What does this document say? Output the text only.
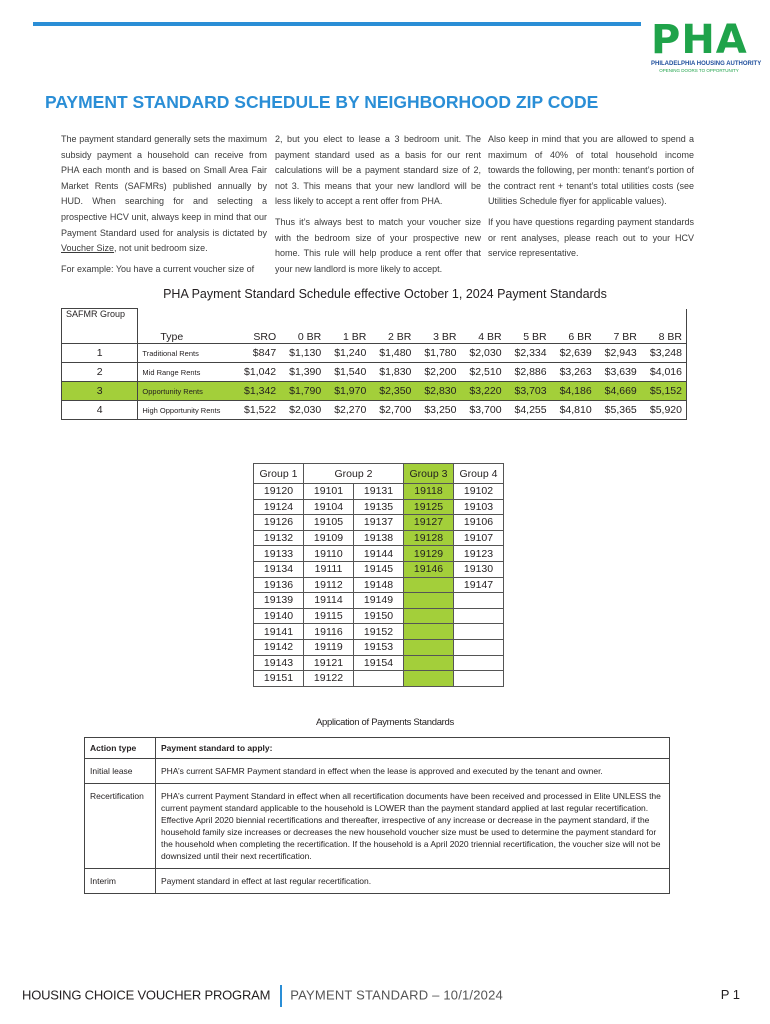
PHA
PHILADELPHIA HOUSING AUTHORITY
OPENING DOORS TO OPPORTUNITY
PAYMENT STANDARD SCHEDULE BY NEIGHBORHOOD ZIP CODE

The payment standard generally sets the maximum subsidy payment a household can receive from PHA each month and is based on Small Area Fair Market Rents (SAFMRs) published annually by HUD. When searching for and selecting a prospective HCV unit, always keep in mind that our Payment Standard used for analysis is dictated by Voucher Size, not unit bedroom size.

For example: You have a current voucher size of

2, but you elect to lease a 3 bedroom unit. The payment standard used as a basis for our rent calculations will be a payment standard size of 2, not 3. This means that your new landlord will be less likely to accept a rent offer from PHA.

Thus it’s always best to match your voucher size with the bedroom size of your prospective new home. This rule will help produce a rent offer that your new landlord is more likely to accept.

Also keep in mind that you are allowed to spend a maximum of 40% of total household income towards the following, per month: tenant’s portion of the contract rent + tenant’s total utilities costs (see Utilities Schedule flyer for applicable values).

If you have questions regarding payment standards or rent analyses, please reach out to your HCV service representative.

PHA Payment Standard Schedule effective October 1, 2024 Payment Standards
SAFMR Group	Type	SRO	0 BR	1 BR	2 BR	3 BR	4 BR	5 BR	6 BR	7 BR	8 BR
1	Traditional Rents	$847	$1,130	$1,240	$1,480	$1,780	$2,030	$2,334	$2,639	$2,943	$3,248
2	Mid Range Rents	$1,042	$1,390	$1,540	$1,830	$2,200	$2,510	$2,886	$3,263	$3,639	$4,016
3	Opportunity Rents	$1,342	$1,790	$1,970	$2,350	$2,830	$3,220	$3,703	$4,186	$4,669	$5,152
4	High Opportunity Rents	$1,522	$2,030	$2,270	$2,700	$3,250	$3,700	$4,255	$4,810	$5,365	$5,920
Group 1	Group 2		Group 3	Group 4
19120	19101	19131	19118	19102
19124	19104	19135	19125	19103
19126	19105	19137	19127	19106
19132	19109	19138	19128	19107
19133	19110	19144	19129	19123
19134	19111	19145	19146	19130
19136	19112	19148		19147
19139	19114	19149		
19140	19115	19150		
19141	19116	19152		
19142	19119	19153		
19143	19121	19154		
19151	19122			
Application of Payments Standards
Action type	Payment standard to apply:
Initial lease	PHA’s current SAFMR Payment standard in effect when the lease is approved and executed by the tenant and owner.
Recertification	PHA’s current Payment Standard in effect when all recertification documents have been received and processed in Elite UNLESS the current payment standard applicable to the household is LOWER than the payment standard applied at last regular recertification. Effective April 2020 biennial recertifications and thereafter, irrespective of any increase or decrease in the payment standard, if the household family size increases or decreases the new household voucher size must be used to determine the payment standard for the household when completing the recertification. If the household is a April 2020 triennial recertification, the voucher size will not be downsized until their next recertification.
Interim	Payment standard in effect at last regular recertification.
HOUSING CHOICE VOUCHER PROGRAM PAYMENT STANDARD – 10/1/2024	P 1
